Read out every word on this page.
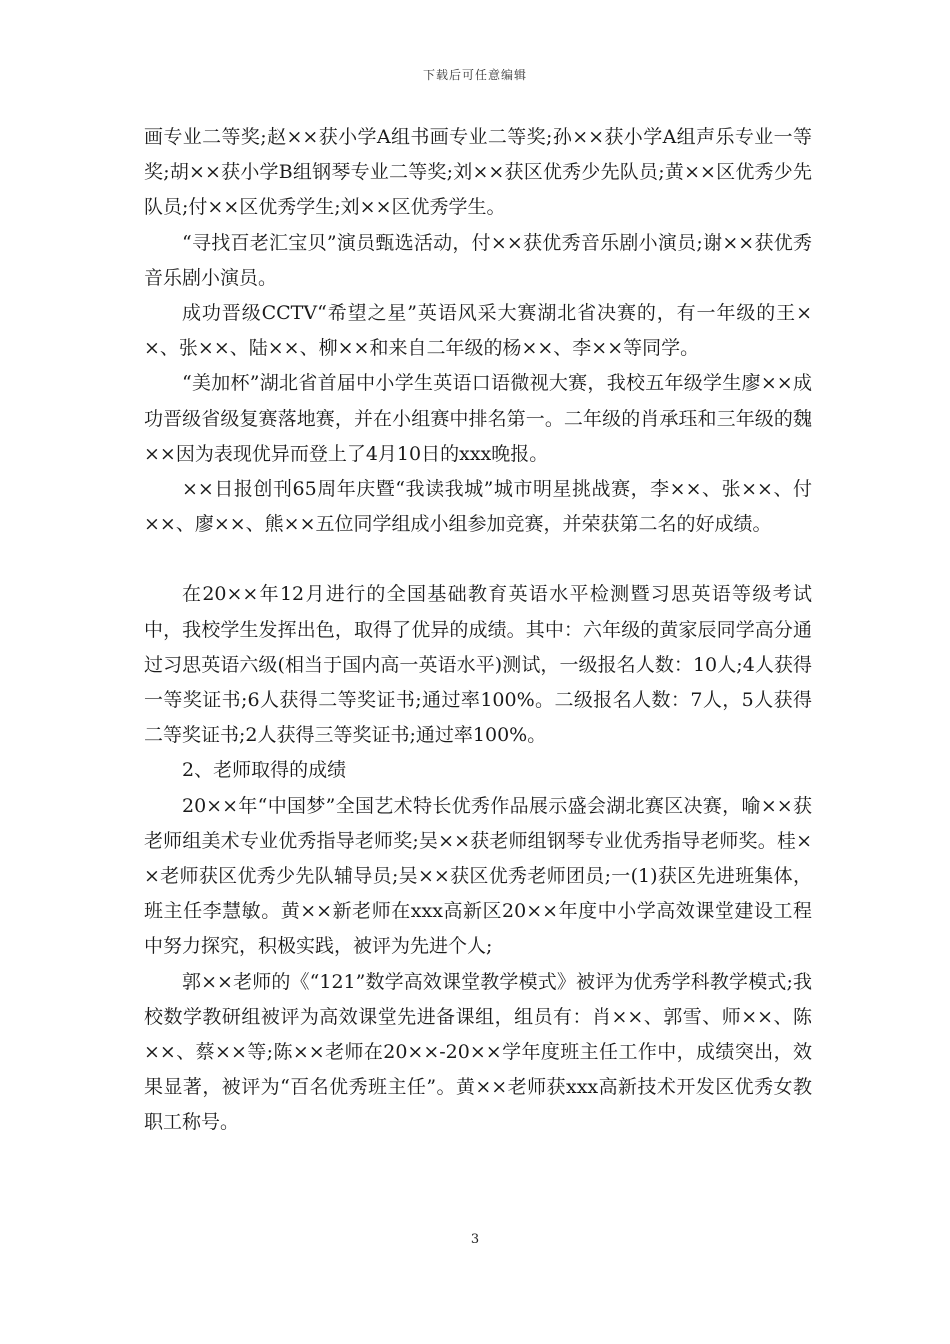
下载后可任意编辑

画专业二等奖;赵××获小学A组书画专业二等奖;孙××获小学A组声乐专业一等奖;胡××获小学B组钢琴专业二等奖;刘××获区优秀少先队员;黄××区优秀少先队员;付××区优秀学生;刘××区优秀学生。

“寻找百老汇宝贝”演员甄选活动，付××获优秀音乐剧小演员;谢××获优秀音乐剧小演员。

成功晋级CCTV“希望之星”英语风采大赛湖北省决赛的，有一年级的王××、张××、陆××、柳××和来自二年级的杨××、李××等同学。

“美加杯”湖北省首届中小学生英语口语微视大赛，我校五年级学生廖××成功晋级省级复赛落地赛，并在小组赛中排名第一。二年级的肖承珏和三年级的魏××因为表现优异而登上了4月10日的xxx晚报。

××日报创刊65周年庆暨“我读我城”城市明星挑战赛，李××、张××、付××、廖××、熊××五位同学组成小组参加竞赛，并荣获第二名的好成绩。

在20××年12月进行的全国基础教育英语水平检测暨习思英语等级考试中，我校学生发挥出色，取得了优异的成绩。其中：六年级的黄家辰同学高分通过习思英语六级(相当于国内高一英语水平)测试，一级报名人数：10人;4人获得一等奖证书;6人获得二等奖证书;通过率100%。二级报名人数：7人，5人获得二等奖证书;2人获得三等奖证书;通过率100%。

2、老师取得的成绩

20××年“中国梦”全国艺术特长优秀作品展示盛会湖北赛区决赛，喻××获老师组美术专业优秀指导老师奖;吴××获老师组钢琴专业优秀指导老师奖。桂××老师获区优秀少先队辅导员;吴××获区优秀老师团员;一(1)获区先进班集体，班主任李慧敏。黄××新老师在xxx高新区20××年度中小学高效课堂建设工程中努力探究，积极实践，被评为先进个人;

郭××老师的《“121”数学高效课堂教学模式》被评为优秀学科教学模式;我校数学教研组被评为高效课堂先进备课组，组员有：肖××、郭雪、师××、陈××、蔡××等;陈××老师在20××-20××学年度班主任工作中，成绩突出，效果显著，被评为“百名优秀班主任”。黄××老师获xxx高新技术开发区优秀女教职工称号。

3
